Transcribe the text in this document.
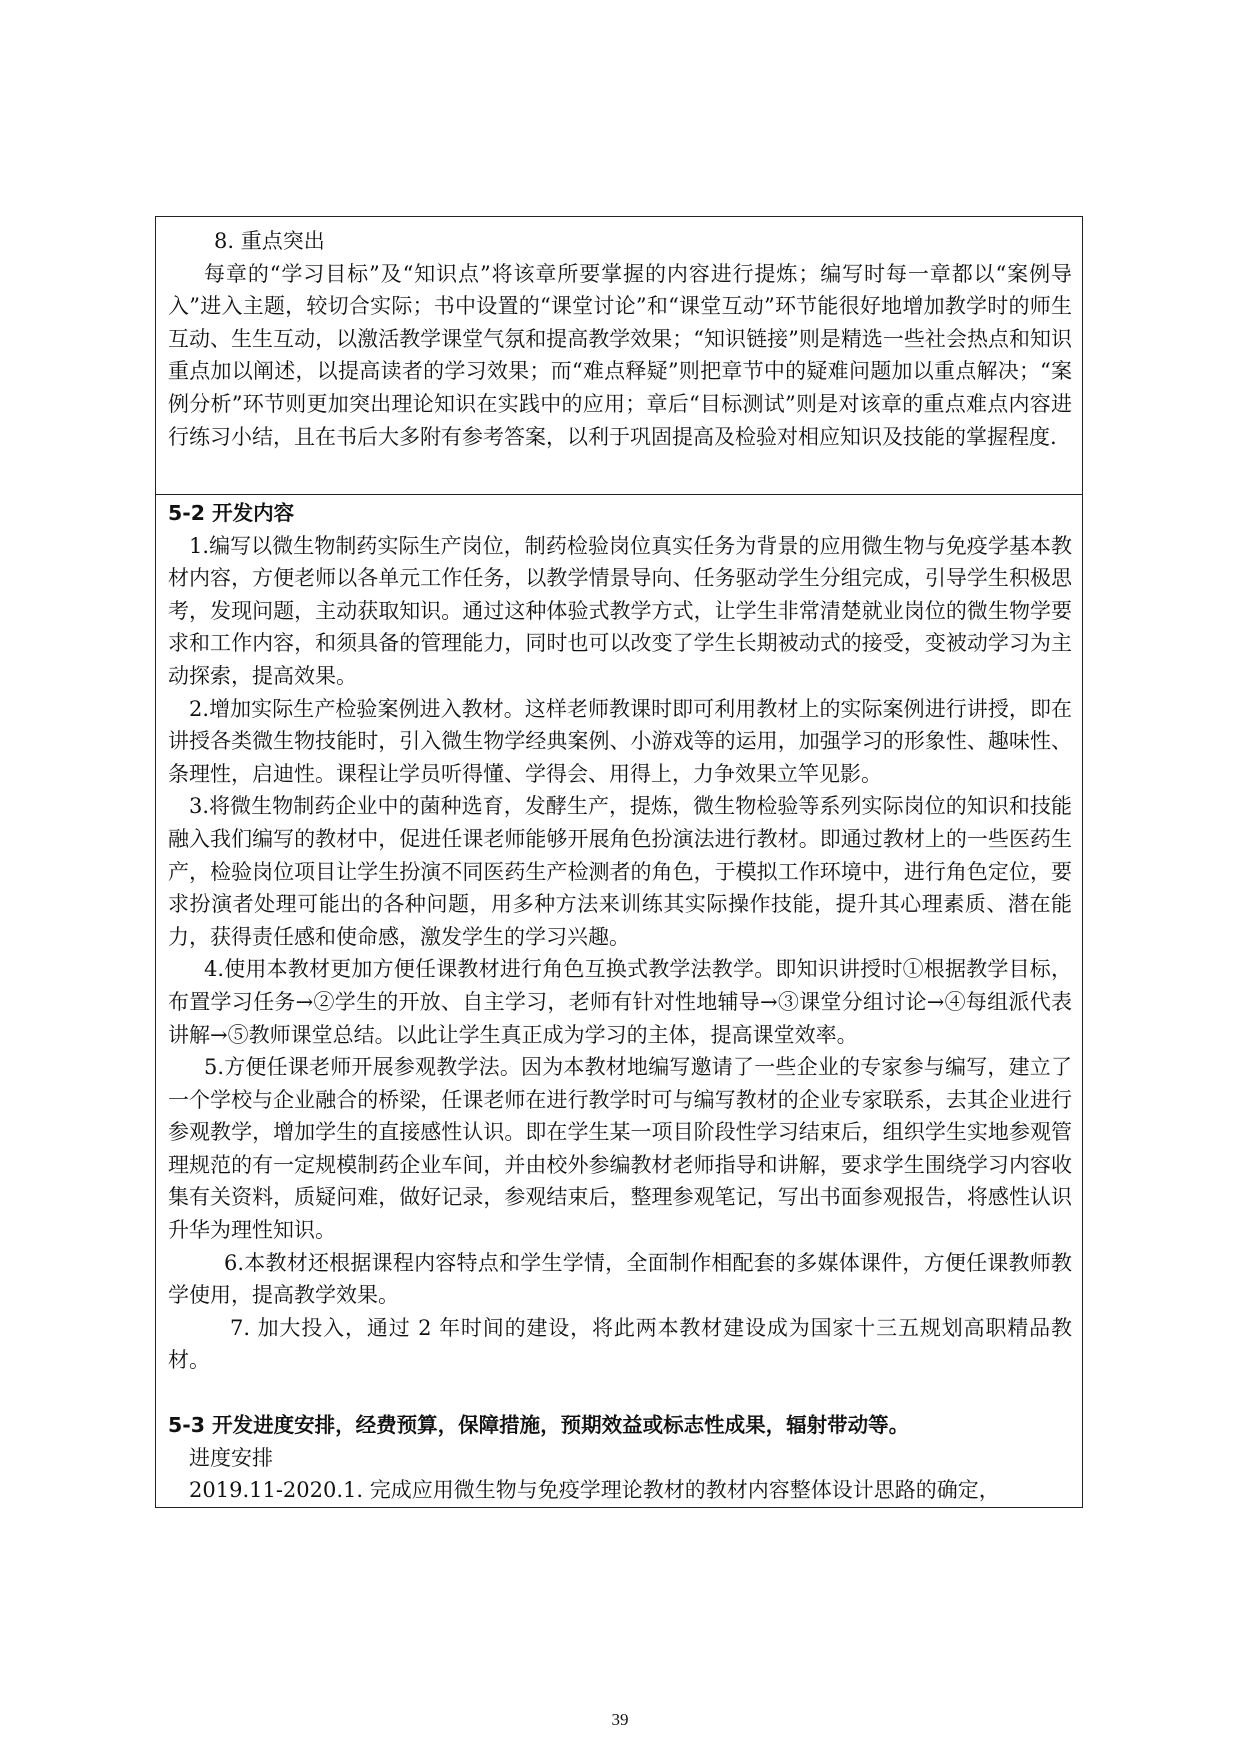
8. 重点突出

每章的“学习目标”及“知识点”将该章所要掌握的内容进行提炼；编写时每一章都以“案例导入”进入主题，较切合实际；书中设置的“课堂讨论”和“课堂互动”环节能很好地增加教学时的师生互动、生生互动，以激活教学课堂气氛和提高教学效果；“知识链接”则是精选一些社会热点和知识重点加以阐述，以提高读者的学习效果；而“难点释疑”则把章节中的疑难问题加以重点解决；“案例分析”环节则更加突出理论知识在实践中的应用；章后“目标测试”则是对该章的重点难点内容进行练习小结，且在书后大多附有参考答案，以利于巩固提高及检验对相应知识及技能的掌握程度.

5-2 开发内容

1.编写以微生物制药实际生产岗位，制药检验岗位真实任务为背景的应用微生物与免疫学基本教材内容，方便老师以各单元工作任务，以教学情景导向、任务驱动学生分组完成，引导学生积极思考，发现问题，主动获取知识。通过这种体验式教学方式，让学生非常清楚就业岗位的微生物学要求和工作内容，和须具备的管理能力，同时也可以改变了学生长期被动式的接受，变被动学习为主动探索，提高效果。

2.增加实际生产检验案例进入教材。这样老师教课时即可利用教材上的实际案例进行讲授，即在讲授各类微生物技能时，引入微生物学经典案例、小游戏等的运用，加强学习的形象性、趣味性、条理性，启迪性。课程让学员听得懂、学得会、用得上，力争效果立竿见影。

3.将微生物制药企业中的菌种选育，发酵生产，提炼，微生物检验等系列实际岗位的知识和技能融入我们编写的教材中，促进任课老师能够开展角色扮演法进行教材。即通过教材上的一些医药生产，检验岗位项目让学生扮演不同医药生产检测者的角色，于模拟工作环境中，进行角色定位，要求扮演者处理可能出的各种问题，用多种方法来训练其实际操作技能，提升其心理素质、潜在能力，获得责任感和使命感，激发学生的学习兴趣。

4.使用本教材更加方便任课教材进行角色互换式教学法教学。即知识讲授时①根据教学目标，布置学习任务→②学生的开放、自主学习，老师有针对性地辅导→③课堂分组讨论→④每组派代表讲解→⑤教师课堂总结。以此让学生真正成为学习的主体，提高课堂效率。

5.方便任课老师开展参观教学法。因为本教材地编写邀请了一些企业的专家参与编写，建立了一个学校与企业融合的桥梁，任课老师在进行教学时可与编写教材的企业专家联系，去其企业进行参观教学，增加学生的直接感性认识。即在学生某一项目阶段性学习结束后，组织学生实地参观管理规范的有一定规模制药企业车间，并由校外参编教材老师指导和讲解，要求学生围绕学习内容收集有关资料，质疑问难，做好记录，参观结束后，整理参观笔记，写出书面参观报告，将感性认识升华为理性知识。

6.本教材还根据课程内容特点和学生学情，全面制作相配套的多媒体课件，方便任课教师教学使用，提高教学效果。

7. 加大投入，通过 2 年时间的建设，将此两本教材建设成为国家十三五规划高职精品教材。

5-3 开发进度安排，经费预算，保障措施，预期效益或标志性成果，辐射带动等。

进度安排

2019.11-2020.1. 完成应用微生物与免疫学理论教材的教材内容整体设计思路的确定，

39
